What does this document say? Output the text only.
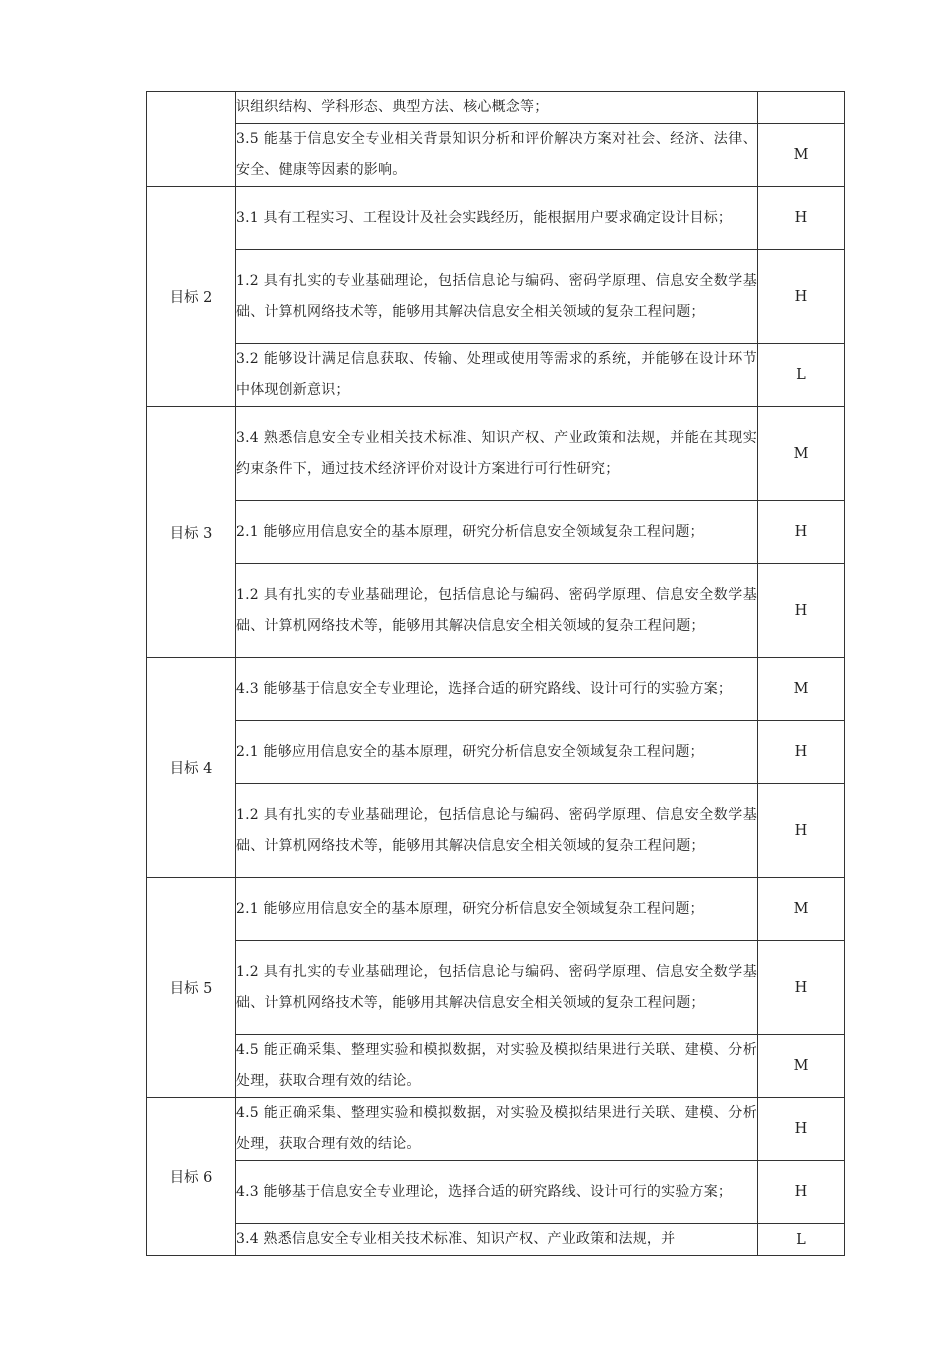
	识组织结构、学科形态、典型方法、核心概念等；	
	3.5 能基于信息安全专业相关背景知识分析和评价解决方案对社会、经济、法律、安全、健康等因素的影响。	M
目标 2	3.1 具有工程实习、工程设计及社会实践经历，能根据用户要求确定设计目标；	H
	1.2 具有扎实的专业基础理论，包括信息论与编码、密码学原理、信息安全数学基础、计算机网络技术等，能够用其解决信息安全相关领域的复杂工程问题；	H
	3.2 能够设计满足信息获取、传输、处理或使用等需求的系统，并能够在设计环节中体现创新意识；	L
目标 3	3.4 熟悉信息安全专业相关技术标准、知识产权、产业政策和法规，并能在其现实约束条件下，通过技术经济评价对设计方案进行可行性研究；	M
	2.1 能够应用信息安全的基本原理，研究分析信息安全领域复杂工程问题；	H
	1.2 具有扎实的专业基础理论，包括信息论与编码、密码学原理、信息安全数学基础、计算机网络技术等，能够用其解决信息安全相关领域的复杂工程问题；	H
目标 4	4.3 能够基于信息安全专业理论，选择合适的研究路线、设计可行的实验方案；	M
	2.1 能够应用信息安全的基本原理，研究分析信息安全领域复杂工程问题；	H
	1.2 具有扎实的专业基础理论，包括信息论与编码、密码学原理、信息安全数学基础、计算机网络技术等，能够用其解决信息安全相关领域的复杂工程问题；	H
目标 5	2.1 能够应用信息安全的基本原理，研究分析信息安全领域复杂工程问题；	M
	1.2 具有扎实的专业基础理论，包括信息论与编码、密码学原理、信息安全数学基础、计算机网络技术等，能够用其解决信息安全相关领域的复杂工程问题；	H
	4.5 能正确采集、整理实验和模拟数据，对实验及模拟结果进行关联、建模、分析处理，获取合理有效的结论。	M
目标 6	4.5 能正确采集、整理实验和模拟数据，对实验及模拟结果进行关联、建模、分析处理，获取合理有效的结论。	H
	4.3 能够基于信息安全专业理论，选择合适的研究路线、设计可行的实验方案；	H
	3.4 熟悉信息安全专业相关技术标准、知识产权、产业政策和法规，并	L
